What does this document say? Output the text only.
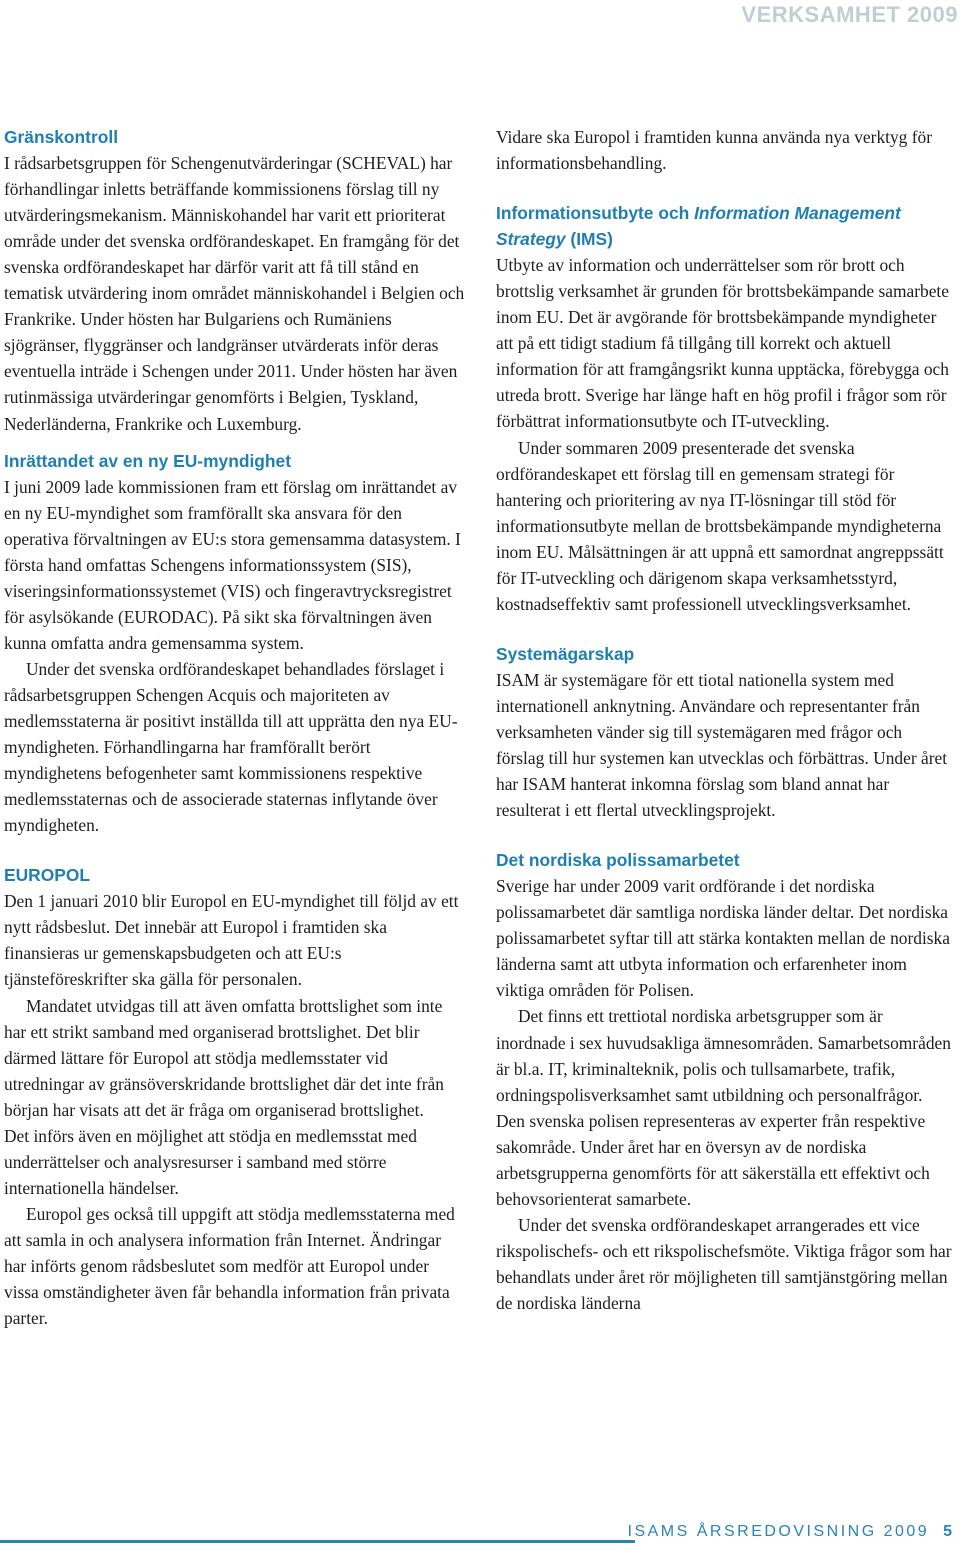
VERKSAMHET 2009
Gränskontroll

I rådsarbetsgruppen för Schengenutvärderingar (SCHEVAL) har förhandlingar inletts beträffande kommissionens förslag till ny utvärderingsmekanism. Människohandel har varit ett prioriterat område under det svenska ordförandeskapet. En framgång för det svenska ordförandeskapet har därför varit att få till stånd en tematisk utvärdering inom området människohandel i Belgien och Frankrike. Under hösten har Bulgariens och Rumäniens sjögränser, flyggränser och landgränser utvärderats inför deras eventuella inträde i Schengen under 2011. Under hösten har även rutinmässiga utvärderingar genomförts i Belgien, Tyskland, Nederländerna, Frankrike och Luxemburg.

Inrättandet av en ny EU-myndighet

I juni 2009 lade kommissionen fram ett förslag om inrättandet av en ny EU-myndighet som framförallt ska ansvara för den operativa förvaltningen av EU:s stora gemensamma datasystem. I första hand omfattas Schengens informationssystem (SIS), viseringsinformationssystemet (VIS) och fingeravtrycksregistret för asylsökande (EURODAC). På sikt ska förvaltningen även kunna omfatta andra gemensamma system.

Under det svenska ordförandeskapet behandlades förslaget i rådsarbetsgruppen Schengen Acquis och majoriteten av medlemsstaterna är positivt inställda till att upprätta den nya EU-myndigheten. Förhandlingarna har framförallt berört myndighetens befogenheter samt kommissionens respektive medlemsstaternas och de associerade staternas inflytande över myndigheten.

EUROPOL

Den 1 januari 2010 blir Europol en EU-myndighet till följd av ett nytt rådsbeslut. Det innebär att Europol i framtiden ska finansieras ur gemenskapsbudgeten och att EU:s tjänsteföreskrifter ska gälla för personalen.

Mandatet utvidgas till att även omfatta brottslighet som inte har ett strikt samband med organiserad brottslighet. Det blir därmed lättare för Europol att stödja medlemsstater vid utredningar av gränsöverskridande brottslighet där det inte från början har visats att det är fråga om organiserad brottslighet.

Det införs även en möjlighet att stödja en medlemsstat med underrättelser och analysresurser i samband med större internationella händelser.

Europol ges också till uppgift att stödja medlemsstaterna med att samla in och analysera information från Internet. Ändringar har införts genom rådsbeslutet som medför att Europol under vissa omständigheter även får behandla information från privata parter.

Vidare ska Europol i framtiden kunna använda nya verktyg för informationsbehandling.

Informationsutbyte och Information Management Strategy (IMS)

Utbyte av information och underrättelser som rör brott och brottslig verksamhet är grunden för brottsbekämpande samarbete inom EU. Det är avgörande för brottsbekämpande myndigheter att på ett tidigt stadium få tillgång till korrekt och aktuell information för att framgångsrikt kunna upptäcka, förebygga och utreda brott. Sverige har länge haft en hög profil i frågor som rör förbättrat informationsutbyte och IT-utveckling.

Under sommaren 2009 presenterade det svenska ordförandeskapet ett förslag till en gemensam strategi för hantering och prioritering av nya IT-lösningar till stöd för informationsutbyte mellan de brottsbekämpande myndigheterna inom EU. Målsättningen är att uppnå ett samordnat angreppssätt för IT-utveckling och därigenom skapa verksamhetsstyrd, kostnadseffektiv samt professionell utvecklingsverksamhet.

Systemägarskap

ISAM är systemägare för ett tiotal nationella system med internationell anknytning. Användare och representanter från verksamheten vänder sig till systemägaren med frågor och förslag till hur systemen kan utvecklas och förbättras. Under året har ISAM hanterat inkomna förslag som bland annat har resulterat i ett flertal utvecklingsprojekt.

Det nordiska polissamarbetet

Sverige har under 2009 varit ordförande i det nordiska polissamarbetet där samtliga nordiska länder deltar. Det nordiska polissamarbetet syftar till att stärka kontakten mellan de nordiska länderna samt att utbyta information och erfarenheter inom viktiga områden för Polisen.

Det finns ett trettiotal nordiska arbetsgrupper som är inordnade i sex huvudsakliga ämnesområden. Samarbetsområden är bl.a. IT, kriminalteknik, polis och tullsamarbete, trafik, ordningspolisverksamhet samt utbildning och personalfrågor. Den svenska polisen representeras av experter från respektive sakområde. Under året har en översyn av de nordiska arbetsgrupperna genomförts för att säkerställa ett effektivt och behovsorienterat samarbete.

Under det svenska ordförandeskapet arrangerades ett vice rikspolischefs- och ett rikspolischefsmöte. Viktiga frågor som har behandlats under året rör möjligheten till samtjänstgöring mellan de nordiska länderna

ISAMS ÅRSREDOVISNING 2009 5
